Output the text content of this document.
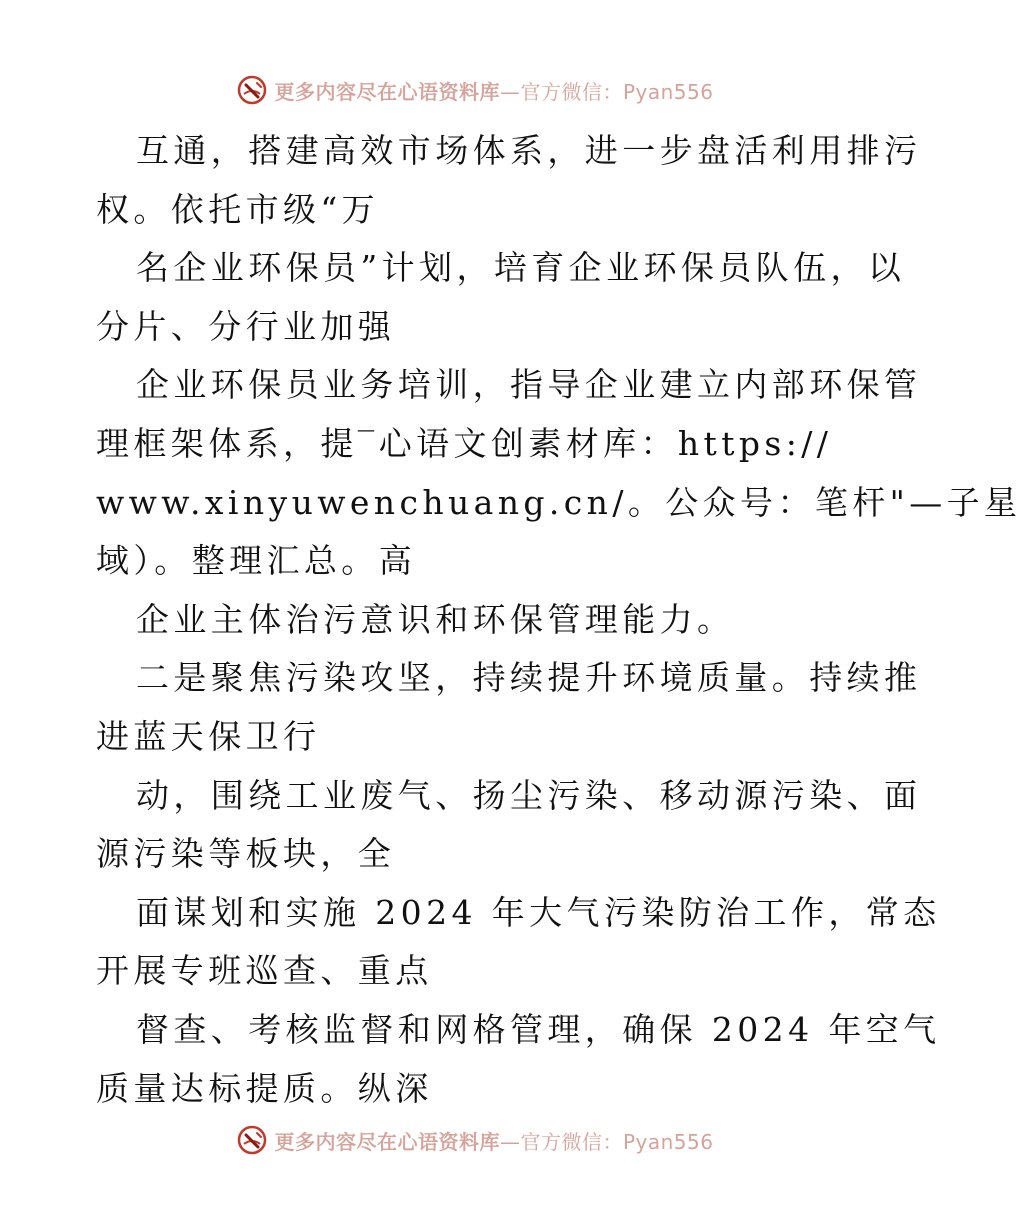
更多内容尽在心语资料库—官方微信：Pyan556
互通，搭建高效市场体系，进一步盘活利用排污
权。依托市级“万
名企业环保员”计划，培育企业环保员队伍，以
分片、分行业加强
企业环保员业务培训，指导企业建立内部环保管
理框架体系，提‾心语文创素材库：https://
www.xinyuwenchuang.cn/。公众号：笔杆"—子星
域）。整理汇总。高
企业主体治污意识和环保管理能力。
二是聚焦污染攻坚，持续提升环境质量。持续推
进蓝天保卫行
动，围绕工业废气、扬尘污染、移动源污染、面
源污染等板块，全
面谋划和实施 2024 年大气污染防治工作，常态
开展专班巡查、重点
督查、考核监督和网格管理，确保 2024 年空气
质量达标提质。纵深
更多内容尽在心语资料库—官方微信：Pyan556
